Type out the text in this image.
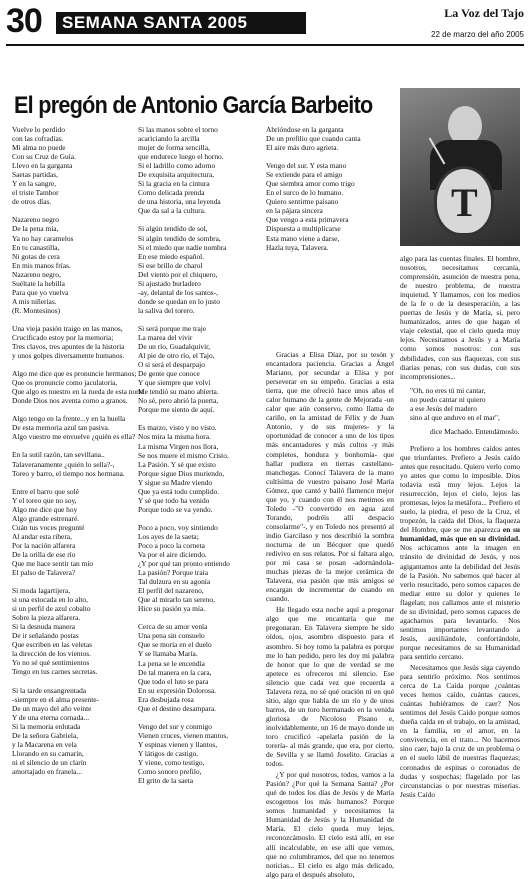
30	SEMANA SANTA 2005	La Voz del Tajo
22 de marzo del año 2005
El pregón de Antonio García Barbeito
T

Vuelve lo perdido
con las cofradías.
Mi alma no puede
Con su Cruz de Guía.
Llevo en la garganta
Saetas partidas,
Y en la sangre,
el triste Tambor
de otros días.

Nazareno negro
De la pena mía,
Ya no hay caramelos
En tu canastilla,
Ni gotas de cera
En mis manos frías.
Nazareno negro,
Suéltate la hebilla
Para que yo vuelva
A mis niñerías.
(R. Montesinos)

Una vieja pasión traigo en las manos,
Crucificado estoy por la memoria;
Tres clavos, tres apuntes de la historia
y unos golpes diversamente humanos.

Algo me dice que es pronuncie hermanos;
Que os pronuncie como jaculatoria,
Que algo es nuestro en la rueda de esta noria
Donde Dios nos aventa como a granos.

Algo tengo en la frente...y en la huella
De esta memoria azul tan pasiva.
Algo vuestro me envuelve ¿quién es ella?

En la sutil razón, tan sevillana..
Talaveranamente ¿quién lo sella?-,
Toreo y barro, el tiempo nos hermana.

Entre el barro que solé
Y el toreo que no soy,
Algo me dice que hoy
Algo grande estrenaré.
Cuán tus voces pregunté
Al andar esta ribera,
Por la nación alfarera
De la orilla de ese río
Que me hace sentir tan mío
El palso de Talavera?

Si moda lagartijera,
si una estocada en lo alto,
si un perfil de azul cobalto
Sobre la pieza alfarera.
Si la desnuda manera
De ir señalando postas
Que escriben en las veletas
la dirección de los vientos.
Yo no sé qué sentimientos
Tengo en tus carnes secretas.

Si la tarde ensangrentada
-siempre en el alma presente-
De un mayo del año veinte
Y de una eterna cornada...
Si la memoria enlutada
De la señora Gabriela,
y la Macarena en vela
Llorando en su camarín,
ni el silencio de un clarín
amortajado en franela...

Si las manos sobre el torno
acariciando la arcilla
mujer de forma sencilla,
que endurece luego el horno.
Si el ladrillo como adorno
De exquisita arquitectura,
Si la gracia en la cintura
Como delicada prenda
de una historia, una leyenda
Que da sal a la cultura.

Si algún tendido de sol,
Si algún tendido de sombra,
Si el miedo que nadie nombra
En ese miedo español.
Si ese brillo de charol
Del viento por el chiquero,
Si ajustado burladero
-ay, delantal de los santos-,
donde se quedan en lo justo
la saliva del torero.

Si será porque me traje
La marea del vivir
De un río, Guadalquivir,
Al pie de otro río, el Tajo,
O si será el desparpajo
De gente que conoce
Y que siempre que volví
Me tendió su mano abierta.
No sé, pero abrió la puerta,
Porque me siento de aquí.

Es marzo, visto y no visto.
Nos mira la misma hora.
La misma Virgen nos llora,
Se nos muere el mismo Cristo.
La Pasión. Y sé que existo
Porque sigue Dios muriendo,
Y sigue su Madre viendo
Que ya está todo cumplido.
Y sé que todo ha venido
Porque todo se va yendo.

Poco a poco, voy sintiendo
Los ayes de la saeta;
Poco a poco la corneta
Va por el aire diciendo.
¿Y por qué tan pronto entiendo
La pasión? Porque traía
Tal dulzura en su agonía
El perfil del nazareno,
Que al mirarlo tan sereno,
Hice su pasión ya mía.

Cerca de su amor venía
Una pena sin consuelo
Que se moría en el duelo
Y se llamaba María.
La pena se le encendía
De tal manera en la cara,
Que todo el luto se para
En su expresión Dolorosa.
Era desbujada rosa
Que el destino desampara.

Vengo del sur y conmigo
Vienen cruces, vienen mantos,
Y espinas vienen y llantos,
Y látigos de castigo.
Y viene, como testigo,
Como sonoro prefilo,
El grito de la saeta

Abrióndose en la garganta
De un prefilio que cuando canta
El aire más duro agrieta.

Vengo del sur. Y esta mano
Se extiende para el amigo
Que siembra amor como trigo
En el surco de lo humano.
Quiero sentirme paisano
en la pájara sincera
Que vengo a esta primavera
Dispuesta a multiplicarse
Esta mano viene a darse,
Hazla tuya, Talavera.

Gracias a Elisa Díaz, por su tesón y encantadora paciencia. Gracias a Ángel Mariano, por secundar a Elisa y por perseverar en su empeño. Gracias a esta tierra, que me ofreció hace unos años el calor humano de la gente de Mejorada -un calor que aún conservo, como llama de cariño, en la amistad de Félix y de Juan Antonio, y de sus mujeres- y la oportunidad de conocer a uno de los tipos más encantadores y más cultos -y más completos, hondura y bonhomía- que hallar pudiera en tierras castellano-manchegas. Conocí Talavera de la mano cultísima de vuestro paisano José María Gómez, que cantó y bailó flamenco mejor que yo, y cuando con él nos metimos en Toledo -"O convertido en agua azul Torando, podréis allí despacio consolarme"-, y en Toledo nos presentó al indio Garcilaso y nos describió la sombra nocturna de un Bécquer que quedó redivivo en sus relatos. Por si faltara algo, por mi casa se posan -adornándola- muchas piezas de la mejor cerámica de Talavera, esa pasión que mis amigos se encargan de incrementar de cuando en cuando.

He llegado esta noche aquí a pregonar algo que me encantaría que me pregonaran. En Talavera siempre he sido oídos, ojos, asombro dispuesto para el asombro. Si hoy tomo la palabra es porque me lo han pedido, pero les doy mi palabra de honor que lo que de verdad se me apetece es ofreceros mi silencio. Ese silencio que cada vez que recuerda a Talavera reza, no sé qué oración ni en qué sitio, algo que habla de un río y de unos barros, de un toro hermanado en la venida gloriosa de Nicoloso Pisano e, inolvidablemente, un 16 de mayo donde un toro crucificó -apelarla pasión de la torería- al más grande, que era, por cierto, de Sevilla y se llamó Joselito. Gracias a todos.

¿Y por qué nosotros, todos, vamos a la Pasión? ¿Por qué la Semana Santa? ¿Por qué de todos los días de Jesús y de María escogemos los más humanos? Porque somos humanidad y necesitamos la Humanidad de Jesús y la Humanidad de María. El cielo queda muy lejos, reconozcámoslo. El cielo está allí, en ese allí incalculable, en ese allí que vemos, que no columbramos, del que no tenemos noticias... El cielo es algo más delicado, algo para el después absoluto,

algo para las cuentas finales. El hombre, nosotros, necesitamos cercanía, comprensión, asunción de nuestra pena, de nuestro problema, de nuestra inquietud. Y llamamos, con los medios de la fe o de la desesperación, a las puertas de Jesús y de María, sí, pero humanizados, antes de que hagan el viaje celestial, que el cielo queda muy lejos. Necesitamos a Jesús y a María como somos nosotros: con sus debilidades, con sus flaquezas, con sus diarias penas, con sus dudas, con sus incomprensiones...

"Oh, no eres tú mi cantar,
no puedo cantar ni quiero
a ese Jesús del madero
sino al que anduvo en el mar",

dice Machado. Entendámoslo.

Prefiero a los hombres caídos antes que triunfantes. Prefiero a Jesús caído antes que resucitado. Quiero verlo como yo antes que como lo imposible. Dios todavía está muy lejos. Lejos la resurrección, lejos el cielo, lejos las promesas, lejos la metáfora... Prefiero el suelo, la piedra, el peso de la Cruz, el tropezón, la caída del Dios, la flaqueza del Hombre, que se me aparezca en su humanidad, más que en su divinidad. Nos achicamos ante la imagen en tránsito de divinidad de Jesús, y nos agigantamos ante la debilidad del Jesús de la Pasión. No sabemos qué hacer al verlo resucitado, pero somos capaces de mediar entre su dolor y quienes le flagelan; nos callamos ante el misterio de su divinidad, pero somos capaces de agacharnos para levantarlo. Nos sentimos importantes levantando a Jesús, auxiliándole, confortándole, porque necesitamos de su Humanidad para sentirlo cercano.

Necesitamos que Jesús siga cayendo para sentirlo próximo. Nos sentimos cerca de La Caída porque ¿cuántas veces hemos caído, cuántas cauces, cuántas hubiéramos de caer? Nos sentimos del Jesús Caído porque somos dueña caída en el trabajo, en la amistad, en la familia, en el amor, en la convivencia, en el trato... No hacemos sino caer, bajo la cruz de un problema o en el suelo lábil de nuestras flaquezas; coronados de espinas o coronados de dudas y sospechas; flagelado por las circunstancias o por nuestras miserias. Jesús Caído
